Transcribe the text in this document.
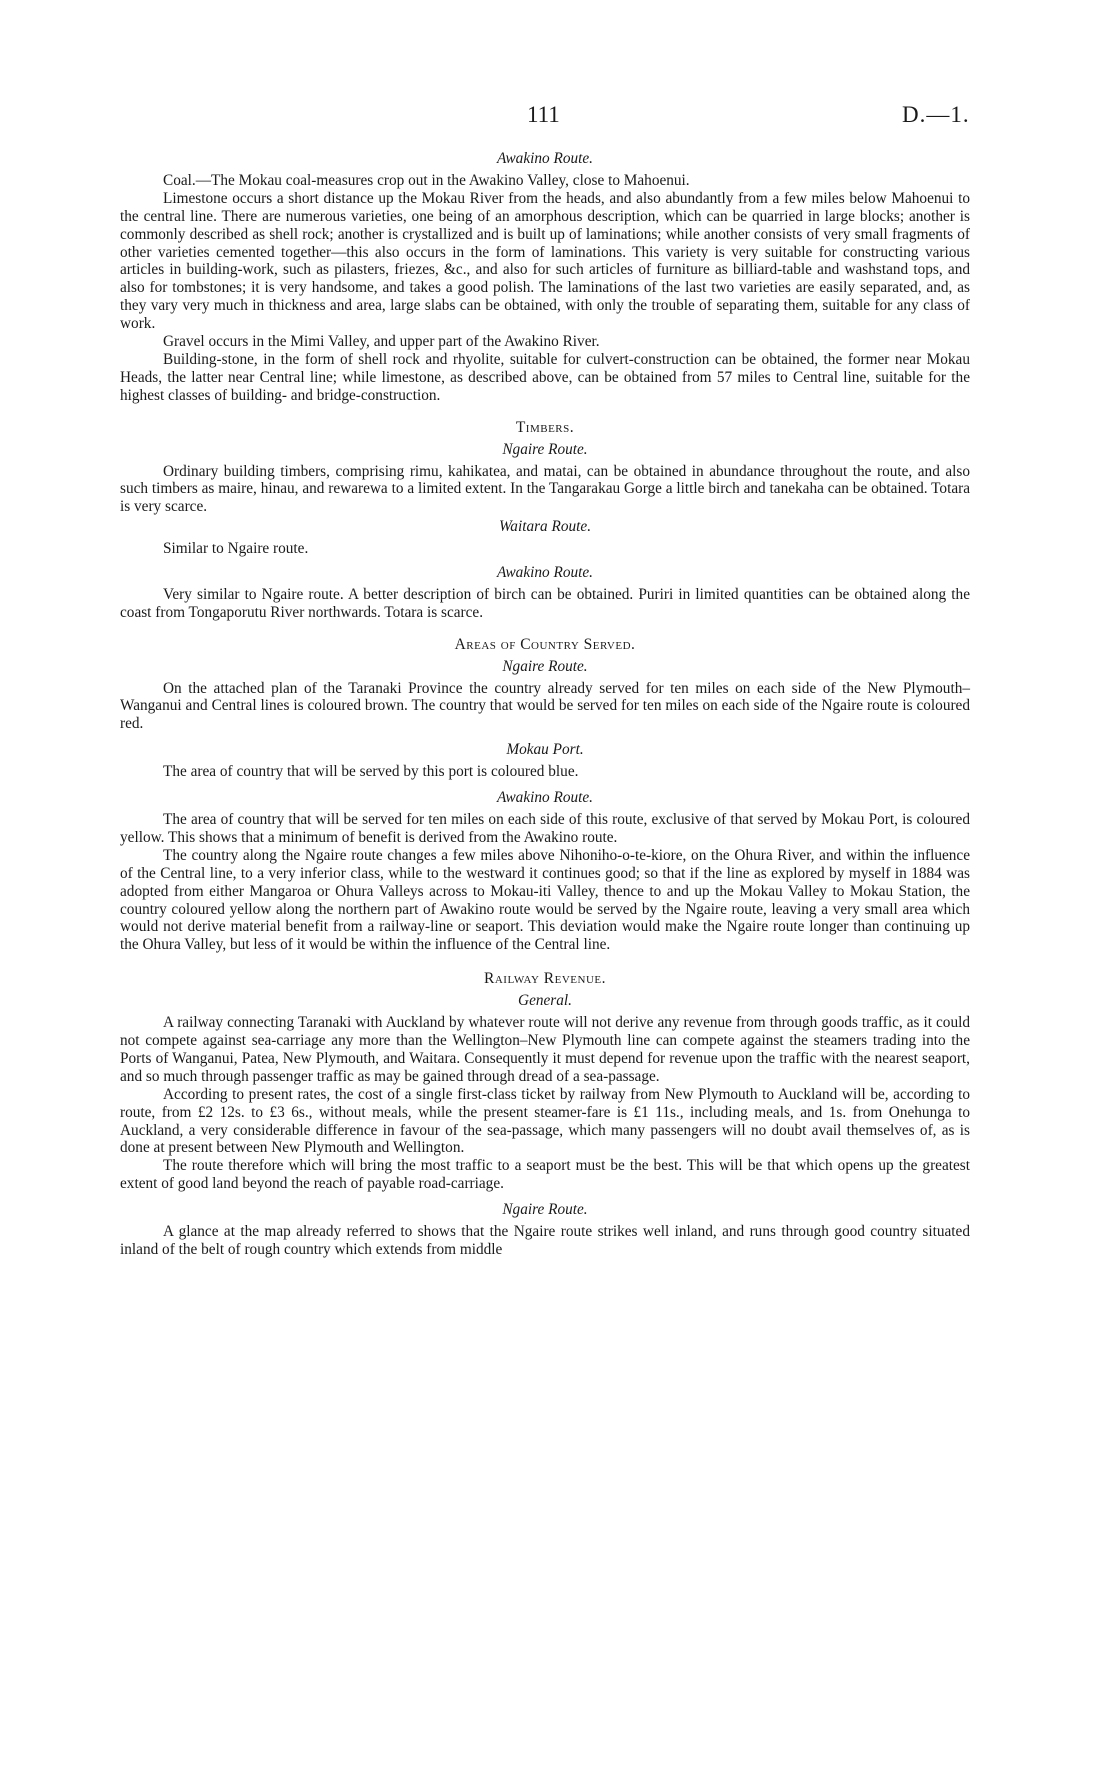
111	D.—1.
Awakino Route.

Coal.—The Mokau coal-measures crop out in the Awakino Valley, close to Mahoenui.

Limestone occurs a short distance up the Mokau River from the heads, and also abundantly from a few miles below Mahoenui to the central line. There are numerous varieties, one being of an amorphous description, which can be quarried in large blocks; another is commonly described as shell rock; another is crystallized and is built up of laminations; while another consists of very small fragments of other varieties cemented together—this also occurs in the form of laminations. This variety is very suitable for constructing various articles in building-work, such as pilasters, friezes, &c., and also for such articles of furniture as billiard-table and washstand tops, and also for tombstones; it is very handsome, and takes a good polish. The laminations of the last two varieties are easily separated, and, as they vary very much in thickness and area, large slabs can be obtained, with only the trouble of separating them, suitable for any class of work.

Gravel occurs in the Mimi Valley, and upper part of the Awakino River.

Building-stone, in the form of shell rock and rhyolite, suitable for culvert-construction can be obtained, the former near Mokau Heads, the latter near Central line; while limestone, as described above, can be obtained from 57 miles to Central line, suitable for the highest classes of building- and bridge-construction.

Timbers.
Ngaire Route.

Ordinary building timbers, comprising rimu, kahikatea, and matai, can be obtained in abundance throughout the route, and also such timbers as maire, hinau, and rewarewa to a limited extent. In the Tangarakau Gorge a little birch and tanekaha can be obtained. Totara is very scarce.

Waitara Route.

Similar to Ngaire route.

Awakino Route.

Very similar to Ngaire route. A better description of birch can be obtained. Puriri in limited quantities can be obtained along the coast from Tongaporutu River northwards. Totara is scarce.

Areas of Country Served.
Ngaire Route.

On the attached plan of the Taranaki Province the country already served for ten miles on each side of the New Plymouth–Wanganui and Central lines is coloured brown. The country that would be served for ten miles on each side of the Ngaire route is coloured red.

Mokau Port.

The area of country that will be served by this port is coloured blue.

Awakino Route.

The area of country that will be served for ten miles on each side of this route, exclusive of that served by Mokau Port, is coloured yellow. This shows that a minimum of benefit is derived from the Awakino route.

The country along the Ngaire route changes a few miles above Nihoniho-o-te-kiore, on the Ohura River, and within the influence of the Central line, to a very inferior class, while to the westward it continues good; so that if the line as explored by myself in 1884 was adopted from either Mangaroa or Ohura Valleys across to Mokau-iti Valley, thence to and up the Mokau Valley to Mokau Station, the country coloured yellow along the northern part of Awakino route would be served by the Ngaire route, leaving a very small area which would not derive material benefit from a railway-line or seaport. This deviation would make the Ngaire route longer than continuing up the Ohura Valley, but less of it would be within the influence of the Central line.

Railway Revenue.
General.

A railway connecting Taranaki with Auckland by whatever route will not derive any revenue from through goods traffic, as it could not compete against sea-carriage any more than the Wellington–New Plymouth line can compete against the steamers trading into the Ports of Wanganui, Patea, New Plymouth, and Waitara. Consequently it must depend for revenue upon the traffic with the nearest seaport, and so much through passenger traffic as may be gained through dread of a sea-passage.

According to present rates, the cost of a single first-class ticket by railway from New Plymouth to Auckland will be, according to route, from £2 12s. to £3 6s., without meals, while the present steamer-fare is £1 11s., including meals, and 1s. from Onehunga to Auckland, a very considerable difference in favour of the sea-passage, which many passengers will no doubt avail themselves of, as is done at present between New Plymouth and Wellington.

The route therefore which will bring the most traffic to a seaport must be the best. This will be that which opens up the greatest extent of good land beyond the reach of payable road-carriage.

Ngaire Route.

A glance at the map already referred to shows that the Ngaire route strikes well inland, and runs through good country situated inland of the belt of rough country which extends from middle
